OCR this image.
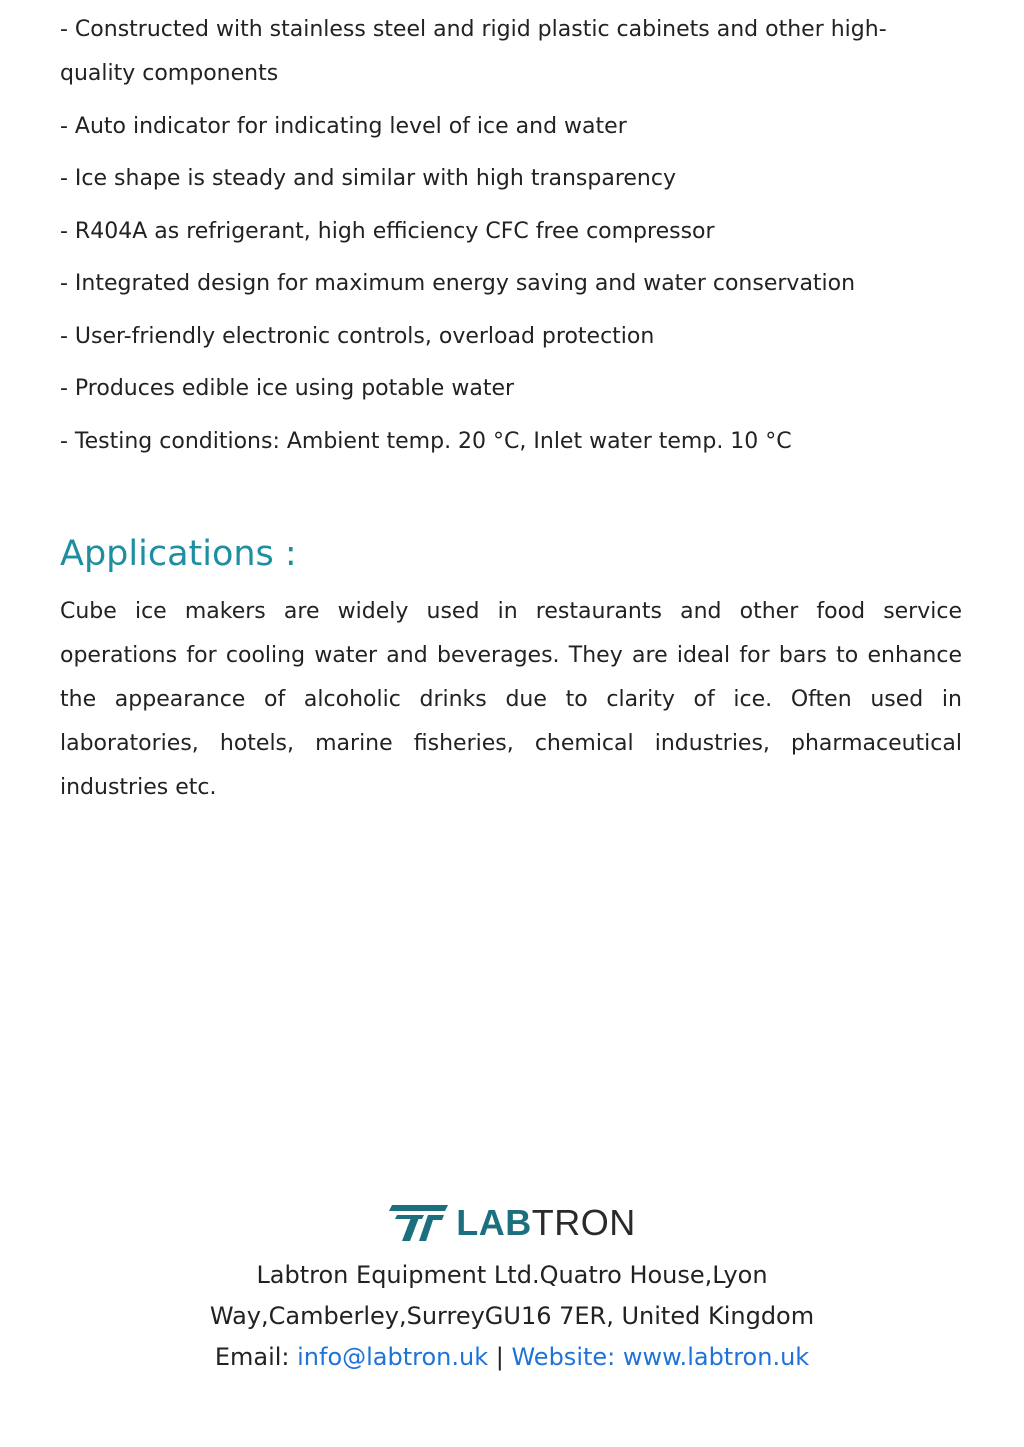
- Constructed with stainless steel and rigid plastic cabinets and other high-quality components
- Auto indicator for indicating level of ice and water
- Ice shape is steady and similar with high transparency
- R404A as refrigerant, high efficiency CFC free compressor
- Integrated design for maximum energy saving and water conservation
- User-friendly electronic controls, overload protection
- Produces edible ice using potable water
- Testing conditions: Ambient temp. 20 °C, Inlet water temp. 10 °C
Applications :

Cube ice makers are widely used in restaurants and other food service operations for cooling water and beverages. They are ideal for bars to enhance the appearance of alcoholic drinks due to clarity of ice. Often used in laboratories, hotels, marine fisheries, chemical industries, pharmaceutical industries etc.

LABTRON
Labtron Equipment Ltd.Quatro House,Lyon
Way,Camberley,SurreyGU16 7ER, United Kingdom
Email: info@labtron.uk | Website: www.labtron.uk
